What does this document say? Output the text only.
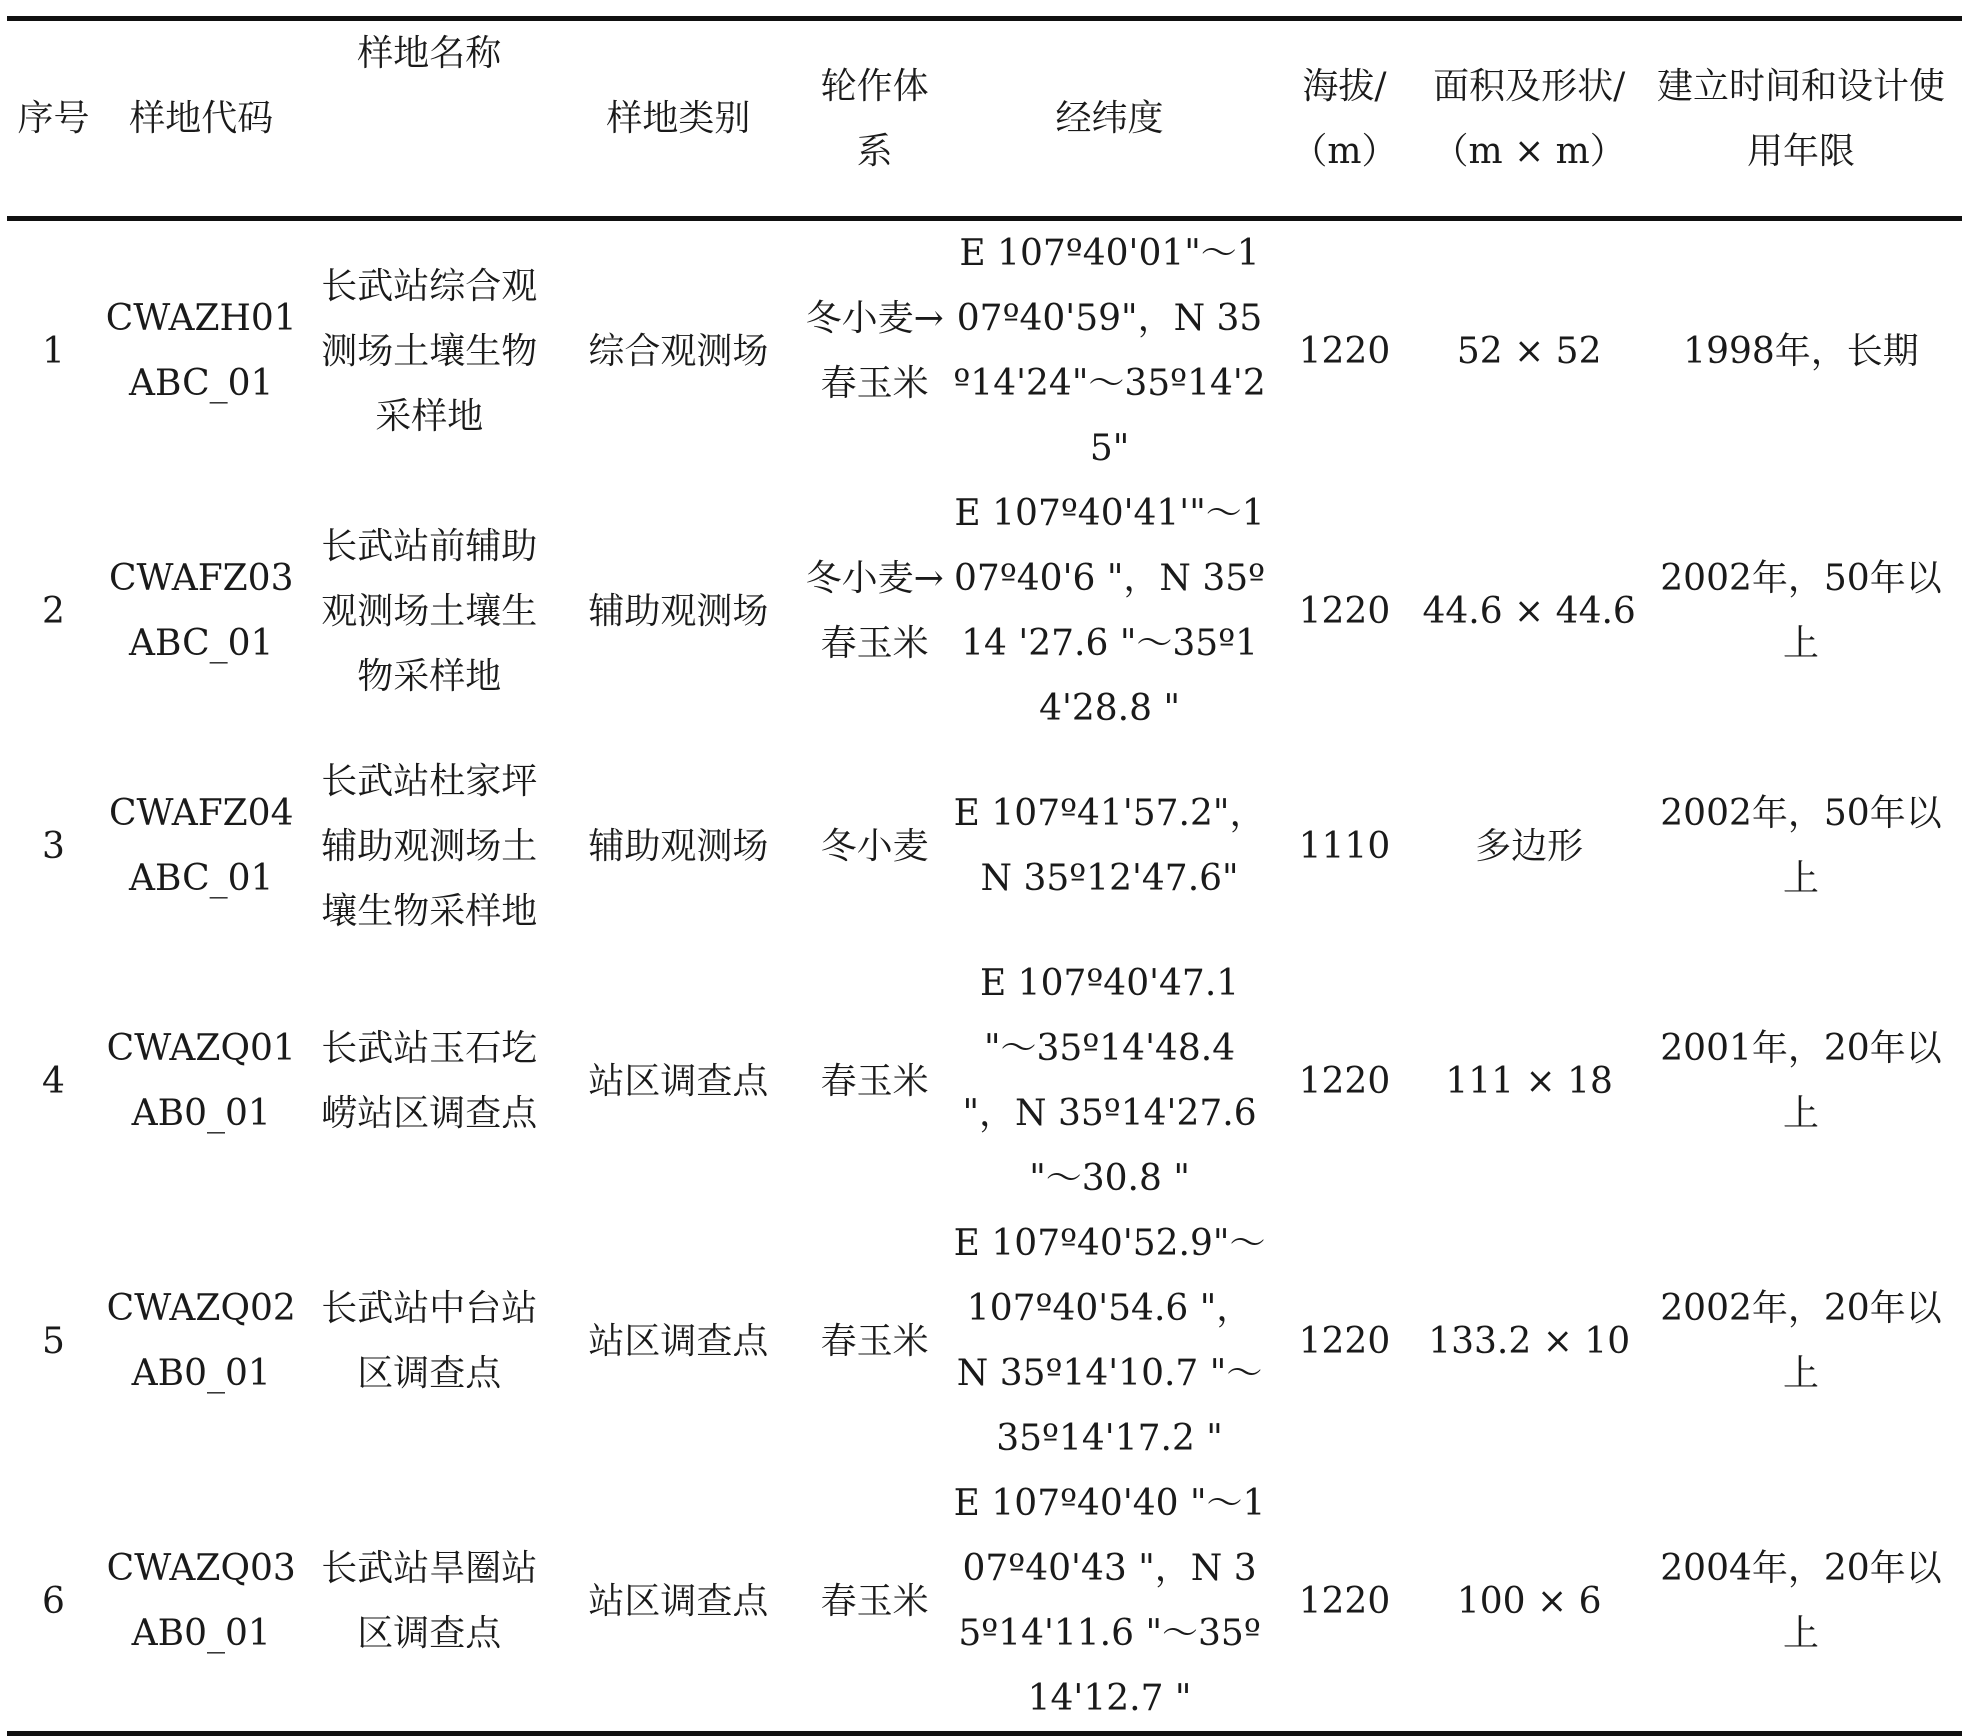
序号	样地代码	样地名称	样地类别	轮作体系	经纬度	海拔/（m）	面积及形状/（m × m）	建立时间和设计使用年限
1	CWAZH01ABC_01	长武站综合观测场土壤生物采样地	综合观测场	冬小麦→春玉米	E 107º40'01"～107º40'59"，N 35º14'24"～35º14'25"	1220	52 × 52	1998年，长期
2	CWAFZ03ABC_01	长武站前辅助观测场土壤生物采样地	辅助观测场	冬小麦→春玉米	E 107º40'41'"～107º40'6 "，N 35º14 '27.6 "～35º14'28.8 "	1220	44.6 × 44.6	2002年，50年以上
3	CWAFZ04ABC_01	长武站杜家坪辅助观测场土壤生物采样地	辅助观测场	冬小麦	E 107º41'57.2"，N 35º12'47.6"	1110	多边形	2002年，50年以上
4	CWAZQ01AB0_01	长武站玉石圪崂站区调查点	站区调查点	春玉米	E 107º40'47.1 "～35º14'48.4 "，N 35º14'27.6 "～30.8 "	1220	111 × 18	2001年，20年以上
5	CWAZQ02AB0_01	长武站中台站区调查点	站区调查点	春玉米	E 107º40'52.9"～107º40'54.6 "，N 35º14'10.7 "～35º14'17.2 "	1220	133.2 × 10	2002年，20年以上
6	CWAZQ03AB0_01	长武站旱圈站区调查点	站区调查点	春玉米	E 107º40'40 "～107º40'43 "，N 35º14'11.6 "～35º14'12.7 "	1220	100 × 6	2004年，20年以上
